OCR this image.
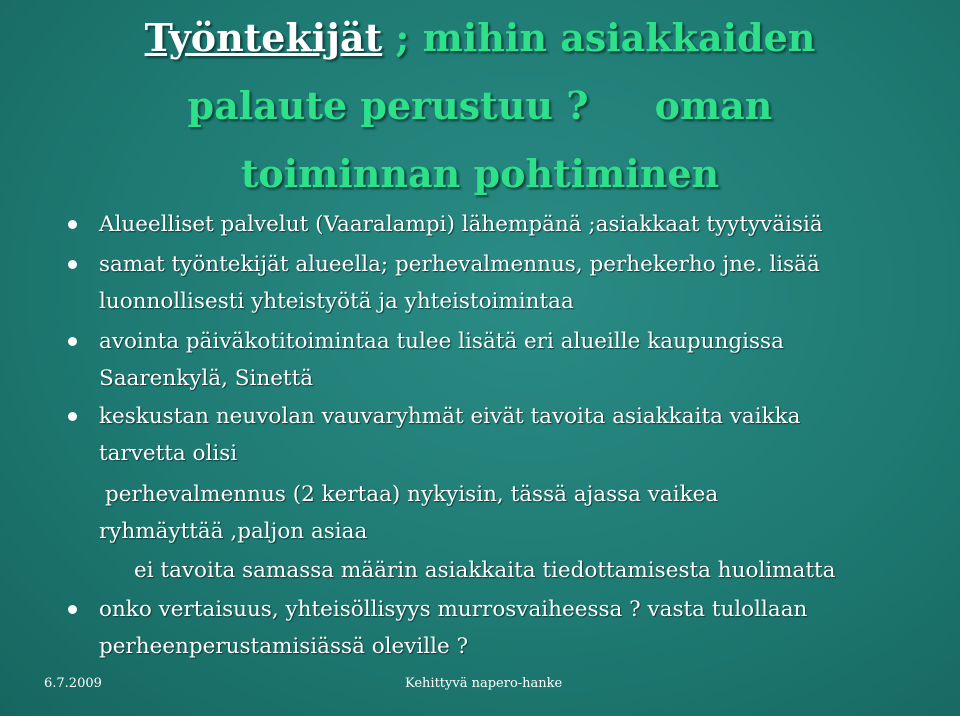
Työntekijät ; mihin asiakkaiden
palaute perustuu ?     oman
toiminnan pohtiminen
Alueelliset palvelut (Vaaralampi) lähempänä ;asiakkaat tyytyväisiä
samat työntekijät alueella; perhevalmennus, perhekerho jne. lisää
luonnollisesti yhteistyötä ja yhteistoimintaa
avointa päiväkotitoimintaa tulee lisätä eri alueille kaupungissa
Saarenkylä, Sinettä
keskustan neuvolan vauvaryhmät eivät tavoita asiakkaita vaikka
tarvetta olisi
perhevalmennus (2 kertaa) nykyisin, tässä ajassa vaikea
ryhmäyttää ,paljon asiaa
ei tavoita samassa määrin asiakkaita tiedottamisesta huolimatta
onko vertaisuus, yhteisöllisyys murrosvaiheessa ? vasta tulollaan
perheenperustamisiässä oleville ?
6.7.2009	Kehittyvä napero-hanke
